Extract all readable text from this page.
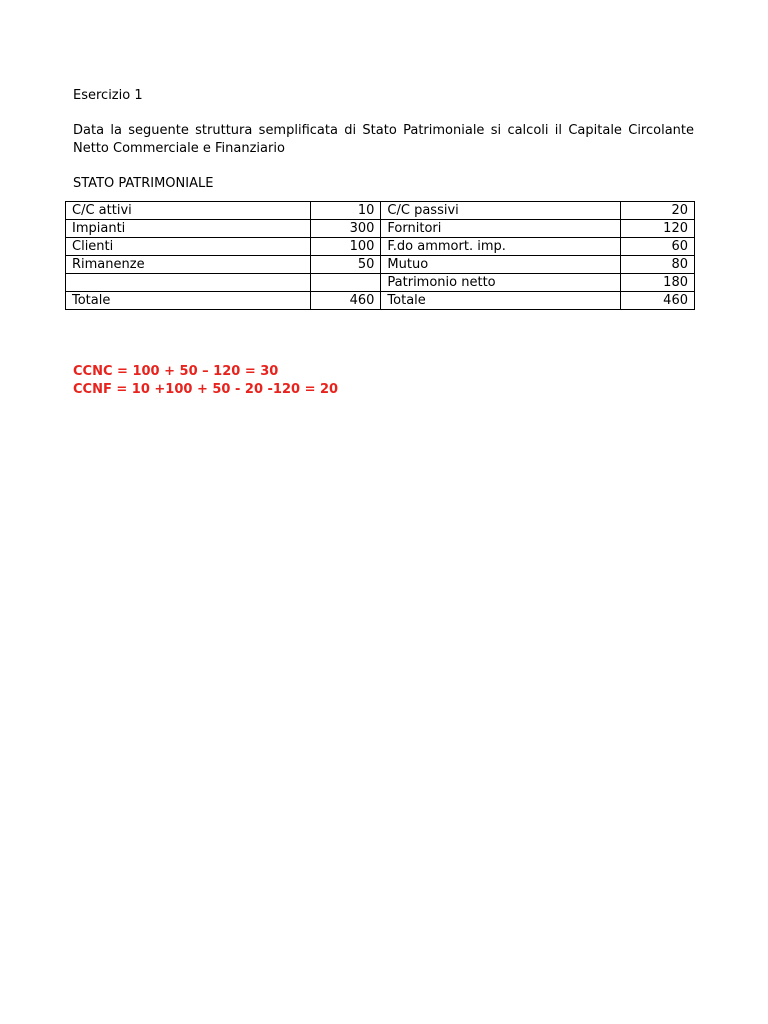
Esercizio 1

Data la seguente struttura semplificata di Stato Patrimoniale si calcoli il Capitale Circolante Netto Commerciale e Finanziario

STATO PATRIMONIALE

C/C attivi	10	C/C passivi	20
Impianti	300	Fornitori	120
Clienti	100	F.do ammort. imp.	60
Rimanenze	50	Mutuo	80
		Patrimonio netto	180
Totale	460	Totale	460
CCNC = 100 + 50 – 120 = 30
CCNF = 10 +100 + 50 - 20 -120 = 20
